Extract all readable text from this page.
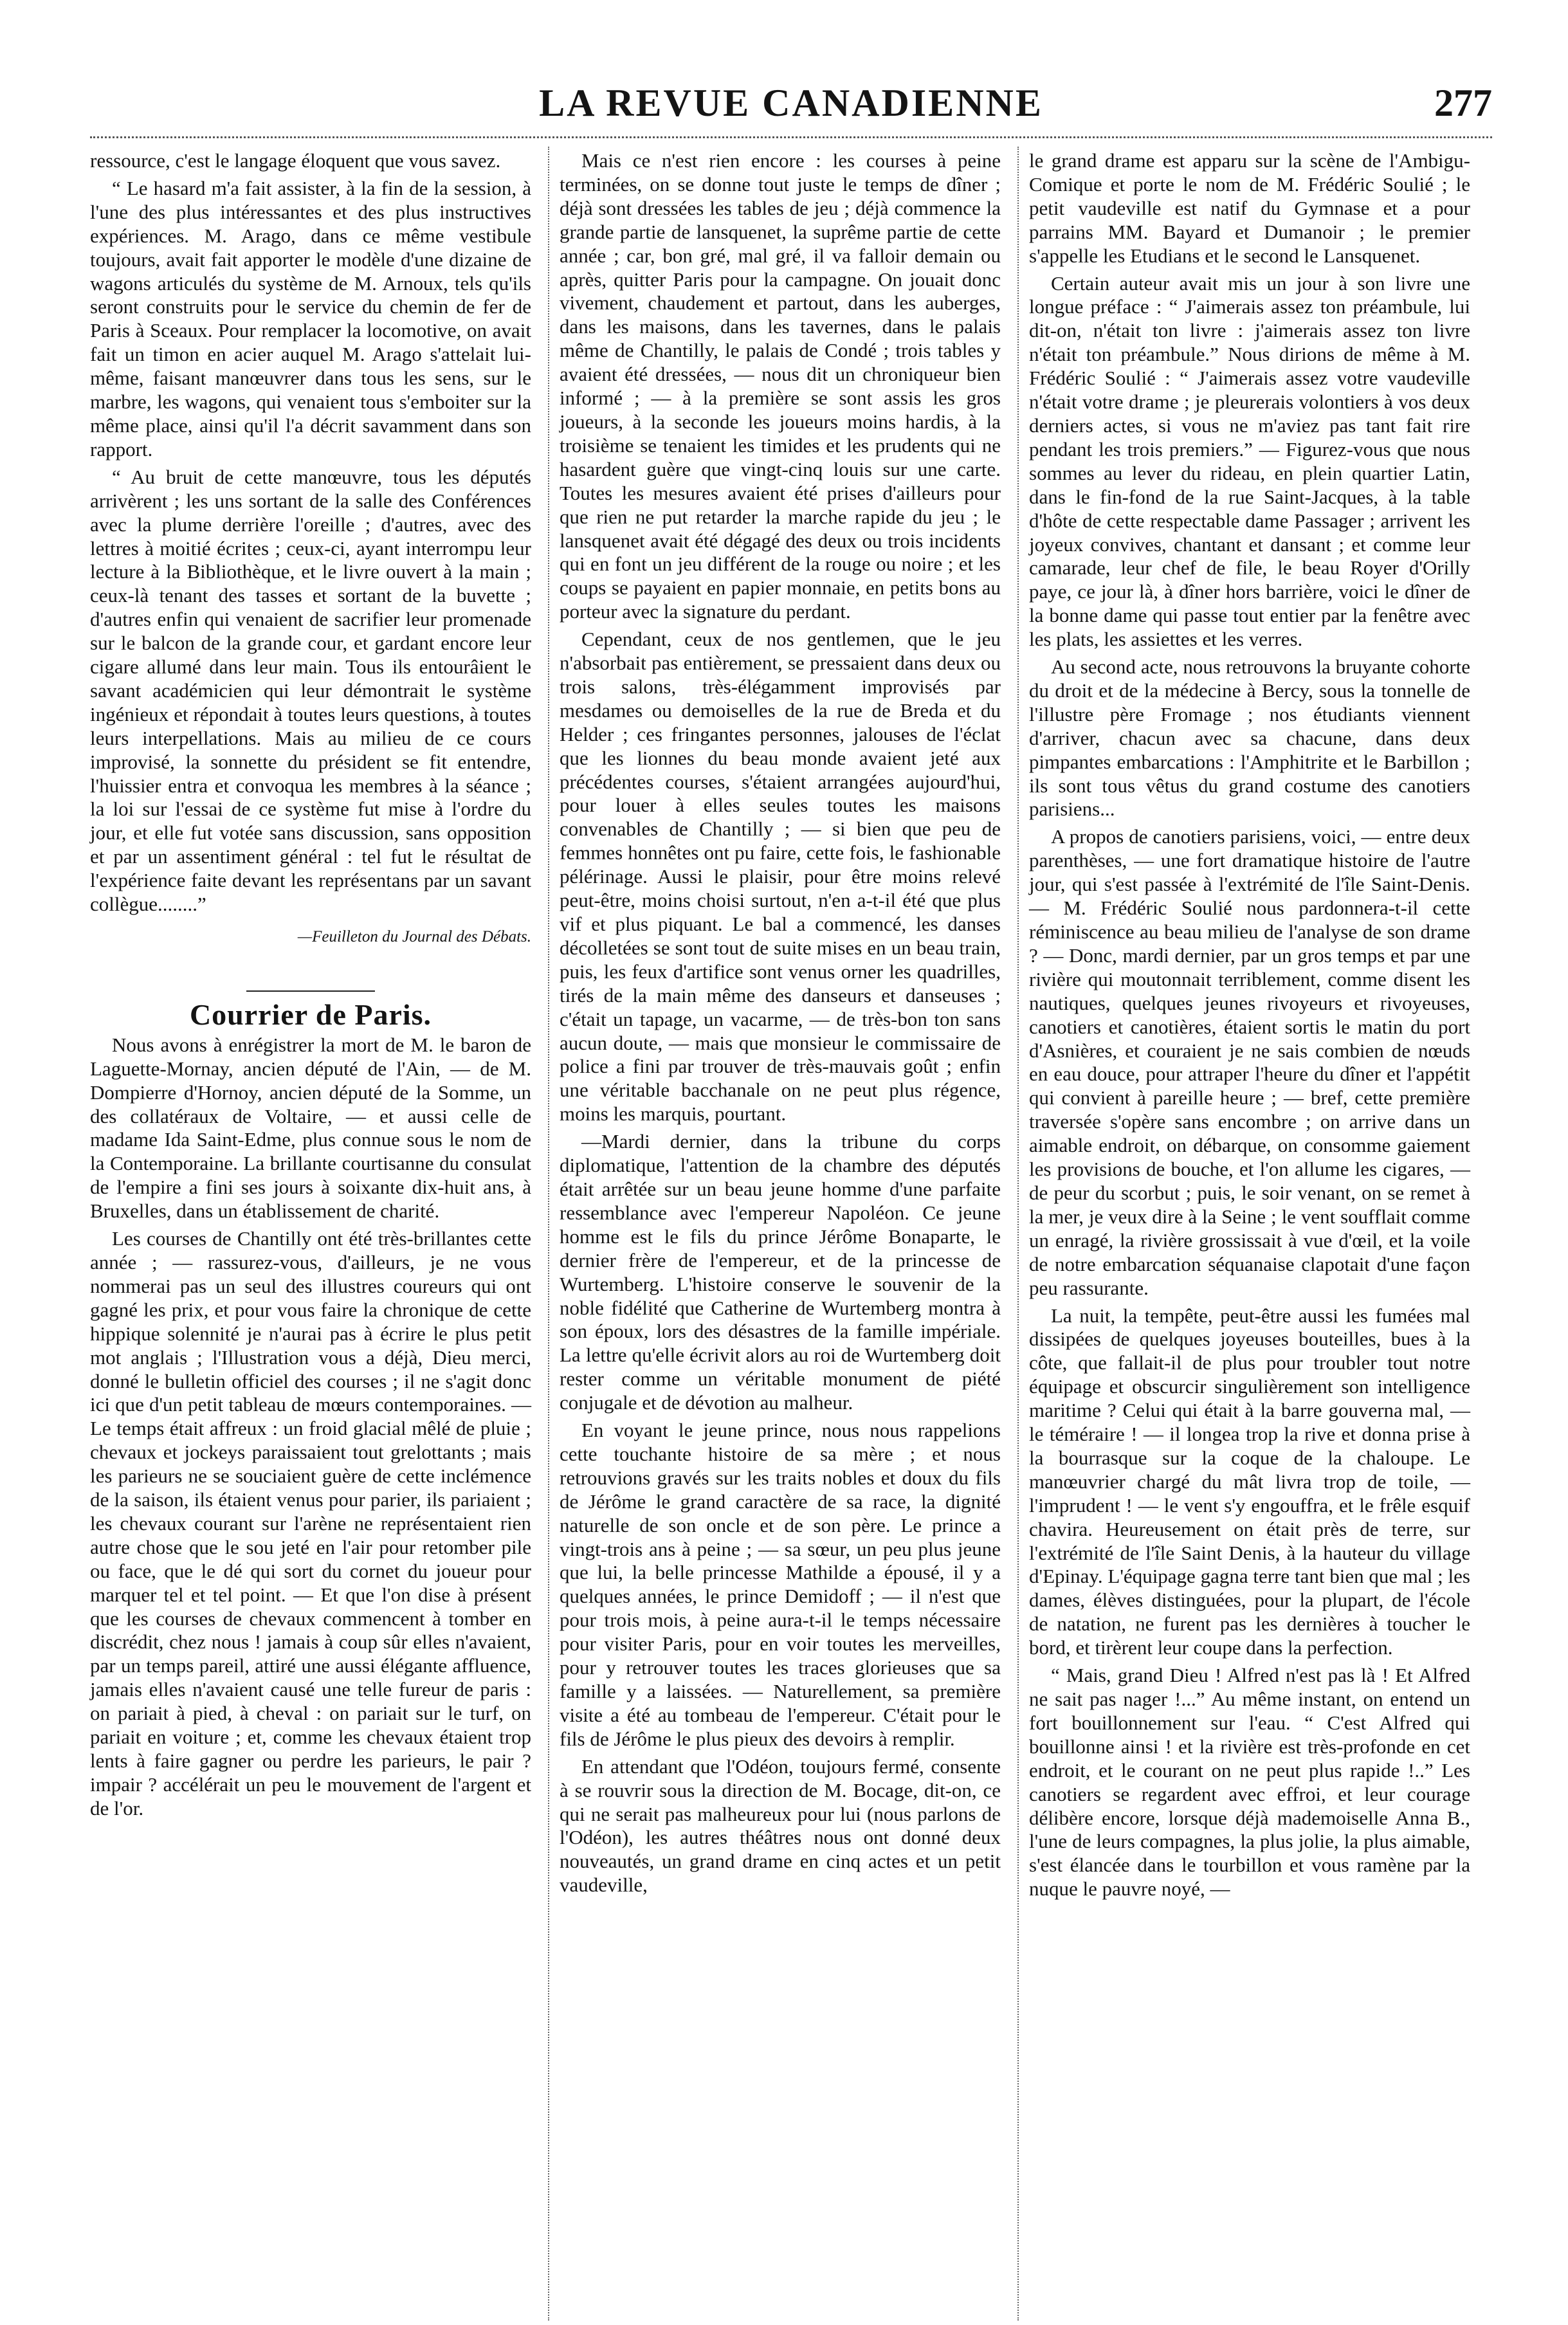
LA REVUE CANADIENNE	277

ressource, c'est le langage éloquent que vous savez.

“ Le hasard m'a fait assister, à la fin de la session, à l'une des plus intéressantes et des plus instructives expériences. M. Arago, dans ce même vestibule toujours, avait fait apporter le modèle d'une dizaine de wagons articulés du système de M. Arnoux, tels qu'ils seront construits pour le service du chemin de fer de Paris à Sceaux. Pour remplacer la locomotive, on avait fait un timon en acier auquel M. Arago s'attelait lui-même, faisant manœuvrer dans tous les sens, sur le marbre, les wagons, qui venaient tous s'emboiter sur la même place, ainsi qu'il l'a décrit savamment dans son rapport.

“ Au bruit de cette manœuvre, tous les députés arrivèrent ; les uns sortant de la salle des Conférences avec la plume derrière l'oreille ; d'autres, avec des lettres à moitié écrites ; ceux-ci, ayant interrompu leur lecture à la Bibliothèque, et le livre ouvert à la main ; ceux-là tenant des tasses et sortant de la buvette ; d'autres enfin qui venaient de sacrifier leur promenade sur le balcon de la grande cour, et gardant encore leur cigare allumé dans leur main. Tous ils entourâient le savant académicien qui leur démontrait le système ingénieux et répondait à toutes leurs questions, à toutes leurs interpellations. Mais au milieu de ce cours improvisé, la sonnette du président se fit entendre, l'huissier entra et convoqua les membres à la séance ; la loi sur l'essai de ce système fut mise à l'ordre du jour, et elle fut votée sans discussion, sans opposition et par un assentiment général : tel fut le résultat de l'expérience faite devant les représentans par un savant collègue........”

—Feuilleton du Journal des Débats.

Courrier de Paris.

Nous avons à enrégistrer la mort de M. le baron de Laguette-Mornay, ancien député de l'Ain, — de M. Dompierre d'Hornoy, ancien député de la Somme, un des collatéraux de Voltaire, — et aussi celle de madame Ida Saint-Edme, plus connue sous le nom de la Contemporaine. La brillante courtisanne du consulat de l'empire a fini ses jours à soixante dix-huit ans, à Bruxelles, dans un établissement de charité.

Les courses de Chantilly ont été très-brillantes cette année ; — rassurez-vous, d'ailleurs, je ne vous nommerai pas un seul des illustres coureurs qui ont gagné les prix, et pour vous faire la chronique de cette hippique solennité je n'aurai pas à écrire le plus petit mot anglais ; l'Illustration vous a déjà, Dieu merci, donné le bulletin officiel des courses ; il ne s'agit donc ici que d'un petit tableau de mœurs contemporaines. — Le temps était affreux : un froid glacial mêlé de pluie ; chevaux et jockeys paraissaient tout grelottants ; mais les parieurs ne se souciaient guère de cette inclémence de la saison, ils étaient venus pour parier, ils pariaient ; les chevaux courant sur l'arène ne représentaient rien autre chose que le sou jeté en l'air pour retomber pile ou face, que le dé qui sort du cornet du joueur pour marquer tel et tel point. — Et que l'on dise à présent que les courses de chevaux commencent à tomber en discrédit, chez nous ! jamais à coup sûr elles n'avaient, par un temps pareil, attiré une aussi élégante affluence, jamais elles n'avaient causé une telle fureur de paris : on pariait à pied, à cheval : on pariait sur le turf, on pariait en voiture ; et, comme les chevaux étaient trop lents à faire gagner ou perdre les parieurs, le pair ? impair ? accélérait un peu le mouvement de l'argent et de l'or.

Mais ce n'est rien encore : les courses à peine terminées, on se donne tout juste le temps de dîner ; déjà sont dressées les tables de jeu ; déjà commence la grande partie de lansquenet, la suprême partie de cette année ; car, bon gré, mal gré, il va falloir demain ou après, quitter Paris pour la campagne. On jouait donc vivement, chaudement et partout, dans les auberges, dans les maisons, dans les tavernes, dans le palais même de Chantilly, le palais de Condé ; trois tables y avaient été dressées, — nous dit un chroniqueur bien informé ; — à la première se sont assis les gros joueurs, à la seconde les joueurs moins hardis, à la troisième se tenaient les timides et les prudents qui ne hasardent guère que vingt-cinq louis sur une carte. Toutes les mesures avaient été prises d'ailleurs pour que rien ne put retarder la marche rapide du jeu ; le lansquenet avait été dégagé des deux ou trois incidents qui en font un jeu différent de la rouge ou noire ; et les coups se payaient en papier monnaie, en petits bons au porteur avec la signature du perdant.

Cependant, ceux de nos gentlemen, que le jeu n'absorbait pas entièrement, se pressaient dans deux ou trois salons, très-élégamment improvisés par mesdames ou demoiselles de la rue de Breda et du Helder ; ces fringantes personnes, jalouses de l'éclat que les lionnes du beau monde avaient jeté aux précédentes courses, s'étaient arrangées aujourd'hui, pour louer à elles seules toutes les maisons convenables de Chantilly ; — si bien que peu de femmes honnêtes ont pu faire, cette fois, le fashionable pélérinage. Aussi le plaisir, pour être moins relevé peut-être, moins choisi surtout, n'en a-t-il été que plus vif et plus piquant. Le bal a commencé, les danses décolletées se sont tout de suite mises en un beau train, puis, les feux d'artifice sont venus orner les quadrilles, tirés de la main même des danseurs et danseuses ; c'était un tapage, un vacarme, — de très-bon ton sans aucun doute, — mais que monsieur le commissaire de police a fini par trouver de très-mauvais goût ; enfin une véritable bacchanale on ne peut plus régence, moins les marquis, pourtant.

—Mardi dernier, dans la tribune du corps diplomatique, l'attention de la chambre des députés était arrêtée sur un beau jeune homme d'une parfaite ressemblance avec l'empereur Napoléon. Ce jeune homme est le fils du prince Jérôme Bonaparte, le dernier frère de l'empereur, et de la princesse de Wurtemberg. L'histoire conserve le souvenir de la noble fidélité que Catherine de Wurtemberg montra à son époux, lors des désastres de la famille impériale. La lettre qu'elle écrivit alors au roi de Wurtemberg doit rester comme un véritable monument de piété conjugale et de dévotion au malheur.

En voyant le jeune prince, nous nous rappelions cette touchante histoire de sa mère ; et nous retrouvions gravés sur les traits nobles et doux du fils de Jérôme le grand caractère de sa race, la dignité naturelle de son oncle et de son père. Le prince a vingt-trois ans à peine ; — sa sœur, un peu plus jeune que lui, la belle princesse Mathilde a épousé, il y a quelques années, le prince Demidoff ; — il n'est que pour trois mois, à peine aura-t-il le temps nécessaire pour visiter Paris, pour en voir toutes les merveilles, pour y retrouver toutes les traces glorieuses que sa famille y a laissées. — Naturellement, sa première visite a été au tombeau de l'empereur. C'était pour le fils de Jérôme le plus pieux des devoirs à remplir.

En attendant que l'Odéon, toujours fermé, consente à se rouvrir sous la direction de M. Bocage, dit-on, ce qui ne serait pas malheureux pour lui (nous parlons de l'Odéon), les autres théâtres nous ont donné deux nouveautés, un grand drame en cinq actes et un petit vaudeville,

le grand drame est apparu sur la scène de l'Ambigu-Comique et porte le nom de M. Frédéric Soulié ; le petit vaudeville est natif du Gymnase et a pour parrains MM. Bayard et Dumanoir ; le premier s'appelle les Etudians et le second le Lansquenet.

Certain auteur avait mis un jour à son livre une longue préface : “ J'aimerais assez ton préambule, lui dit-on, n'était ton livre : j'aimerais assez ton livre n'était ton préambule.” Nous dirions de même à M. Frédéric Soulié : “ J'aimerais assez votre vaudeville n'était votre drame ; je pleurerais volontiers à vos deux derniers actes, si vous ne m'aviez pas tant fait rire pendant les trois premiers.” — Figurez-vous que nous sommes au lever du rideau, en plein quartier Latin, dans le fin-fond de la rue Saint-Jacques, à la table d'hôte de cette respectable dame Passager ; arrivent les joyeux convives, chantant et dansant ; et comme leur camarade, leur chef de file, le beau Royer d'Orilly paye, ce jour là, à dîner hors barrière, voici le dîner de la bonne dame qui passe tout entier par la fenêtre avec les plats, les assiettes et les verres.

Au second acte, nous retrouvons la bruyante cohorte du droit et de la médecine à Bercy, sous la tonnelle de l'illustre père Fromage ; nos étudiants viennent d'arriver, chacun avec sa chacune, dans deux pimpantes embarcations : l'Amphitrite et le Barbillon ; ils sont tous vêtus du grand costume des canotiers parisiens...

A propos de canotiers parisiens, voici, — entre deux parenthèses, — une fort dramatique histoire de l'autre jour, qui s'est passée à l'extrémité de l'île Saint-Denis. — M. Frédéric Soulié nous pardonnera-t-il cette réminiscence au beau milieu de l'analyse de son drame ? — Donc, mardi dernier, par un gros temps et par une rivière qui moutonnait terriblement, comme disent les nautiques, quelques jeunes rivoyeurs et rivoyeuses, canotiers et canotières, étaient sortis le matin du port d'Asnières, et couraient je ne sais combien de nœuds en eau douce, pour attraper l'heure du dîner et l'appétit qui convient à pareille heure ; — bref, cette première traversée s'opère sans encombre ; on arrive dans un aimable endroit, on débarque, on consomme gaiement les provisions de bouche, et l'on allume les cigares, — de peur du scorbut ; puis, le soir venant, on se remet à la mer, je veux dire à la Seine ; le vent soufflait comme un enragé, la rivière grossissait à vue d'œil, et la voile de notre embarcation séquanaise clapotait d'une façon peu rassurante.

La nuit, la tempête, peut-être aussi les fumées mal dissipées de quelques joyeuses bouteilles, bues à la côte, que fallait-il de plus pour troubler tout notre équipage et obscurcir singulièrement son intelligence maritime ? Celui qui était à la barre gouverna mal, — le téméraire ! — il longea trop la rive et donna prise à la bourrasque sur la coque de la chaloupe. Le manœuvrier chargé du mât livra trop de toile, — l'imprudent ! — le vent s'y engouffra, et le frêle esquif chavira. Heureusement on était près de terre, sur l'extrémité de l'île Saint Denis, à la hauteur du village d'Epinay. L'équipage gagna terre tant bien que mal ; les dames, élèves distinguées, pour la plupart, de l'école de natation, ne furent pas les dernières à toucher le bord, et tirèrent leur coupe dans la perfection.

“ Mais, grand Dieu ! Alfred n'est pas là ! Et Alfred ne sait pas nager !...” Au même instant, on entend un fort bouillonnement sur l'eau. “ C'est Alfred qui bouillonne ainsi ! et la rivière est très-profonde en cet endroit, et le courant on ne peut plus rapide !..” Les canotiers se regardent avec effroi, et leur courage délibère encore, lorsque déjà mademoiselle Anna B., l'une de leurs compagnes, la plus jolie, la plus aimable, s'est élancée dans le tourbillon et vous ramène par la nuque le pauvre noyé, —
